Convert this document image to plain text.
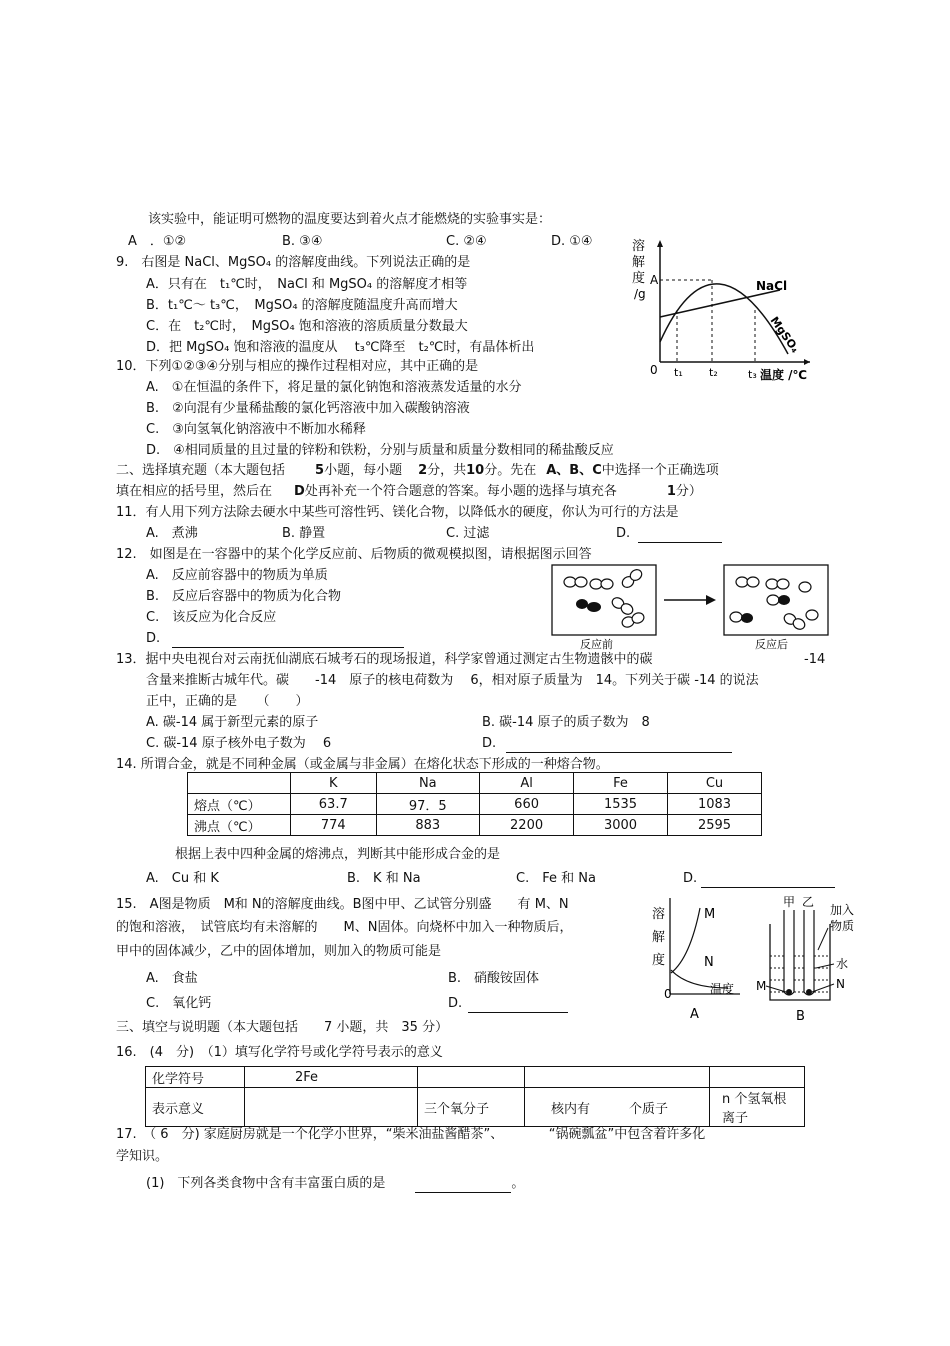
该实验中，能证明可燃物的温度要达到着火点才能燃烧的实验事实是：
A　．①②	B. ③④	C. ②④	D. ①④
9.　右图是 NaCl、MgSO₄ 的溶解度曲线。下列说法正确的是
A．只有在　t₁℃时，　NaCl 和 MgSO₄ 的溶解度才相等
B．t₁℃～ t₃℃，　MgSO₄ 的溶解度随温度升高而增大
C．在　t₂℃时，　MgSO₄ 饱和溶液的溶质质量分数最大
D．把 MgSO₄ 饱和溶液的温度从　 t₃℃降至　t₂℃时，有晶体析出
溶
解
度
/g
A
0
NaCl
MgSO₄
t₁ t₂	t₃ 温度 /℃
10．下列①②③④分别与相应的操作过程相对应，其中正确的是
A.　①在恒温的条件下，将足量的氯化钠饱和溶液蒸发适量的水分
B.　②向混有少量稀盐酸的氯化钙溶液中加入碳酸钠溶液
C.　③向氢氧化钠溶液中不断加水稀释
D.　④相同质量的且过量的锌粉和铁粉，分别与质量和质量分数相同的稀盐酸反应
二、选择填充题（本大题包括 5小题，每小题 2分，共10分。先在 A、B、C中选择一个正确选项
填在相应的括号里，然后在 D处再补充一个符合题意的答案。每小题的选择与填充各	1分）
11．有人用下列方法除去硬水中某些可溶性钙、镁化合物，以降低水的硬度，你认为可行的方法是
A.　煮沸	B. 静置	C. 过滤	D.
12.　如图是在一容器中的某个化学反应前、后物质的微观模拟图，请根据图示回答
A.　反应前容器中的物质为单质
B.　反应后容器中的物质为化合物
C.　该反应为化合反应
D.	反应前	反应后
13．据中央电视台对云南抚仙湖底石城考石的现场报道，科学家曾通过测定古生物遗骸中的碳	-14
含量来推断古城年代。碳　　-14　原子的核电荷数为　 6，相对原子质量为　14。下列关于碳 -14 的说法
正中，正确的是　　（　　）
A. 碳-14 属于新型元素的原子	B. 碳-14 原子的质子数为　8
C. 碳-14 原子核外电子数为　 6	D.
14. 所谓合金，就是不同种金属（或金属与非金属）在熔化状态下形成的一种熔合物。
	K	Na	Al	Fe	Cu
熔点（℃）	63.7	97．5	660	1535	1083
沸点（℃）	774	883	2200	3000	2595
根据上表中四种金属的熔沸点，判断其中能形成合金的是
A.　Cu 和 K	B.　K 和 Na	C.　Fe 和 Na	D.
15.　A图是物质　M和 N的溶解度曲线。B图中甲、乙试管分别盛　　有 M、N
的饱和溶液，　试管底均有未溶解的　　M、N固体。向烧杯中加入一种物质后，
甲中的固体减少，乙中的固体增加，则加入的物质可能是
A.　食盐	B.　硝酸铵固体
C.　氧化钙	D.
溶
解
度
M
N
0	温度
A
甲 乙
加入
物质
水
M	N
B
三、填空与说明题（本大题包括　　7 小题，共　35 分）
16.　(4　分)　（1）填写化学符号或化学符号表示的意义
化学符号	2Fe			
表示意义		三个氧分子	核内有　　　个质子	n 个氢氧根离子
17.　（ 6　分) 家庭厨房就是一个化学小世界，“柴米油盐酱醋茶”、　　　　“锅碗瓢盆”中包含着许多化
学知识。
(1)　下列各类食物中含有丰富蛋白质的是	。
